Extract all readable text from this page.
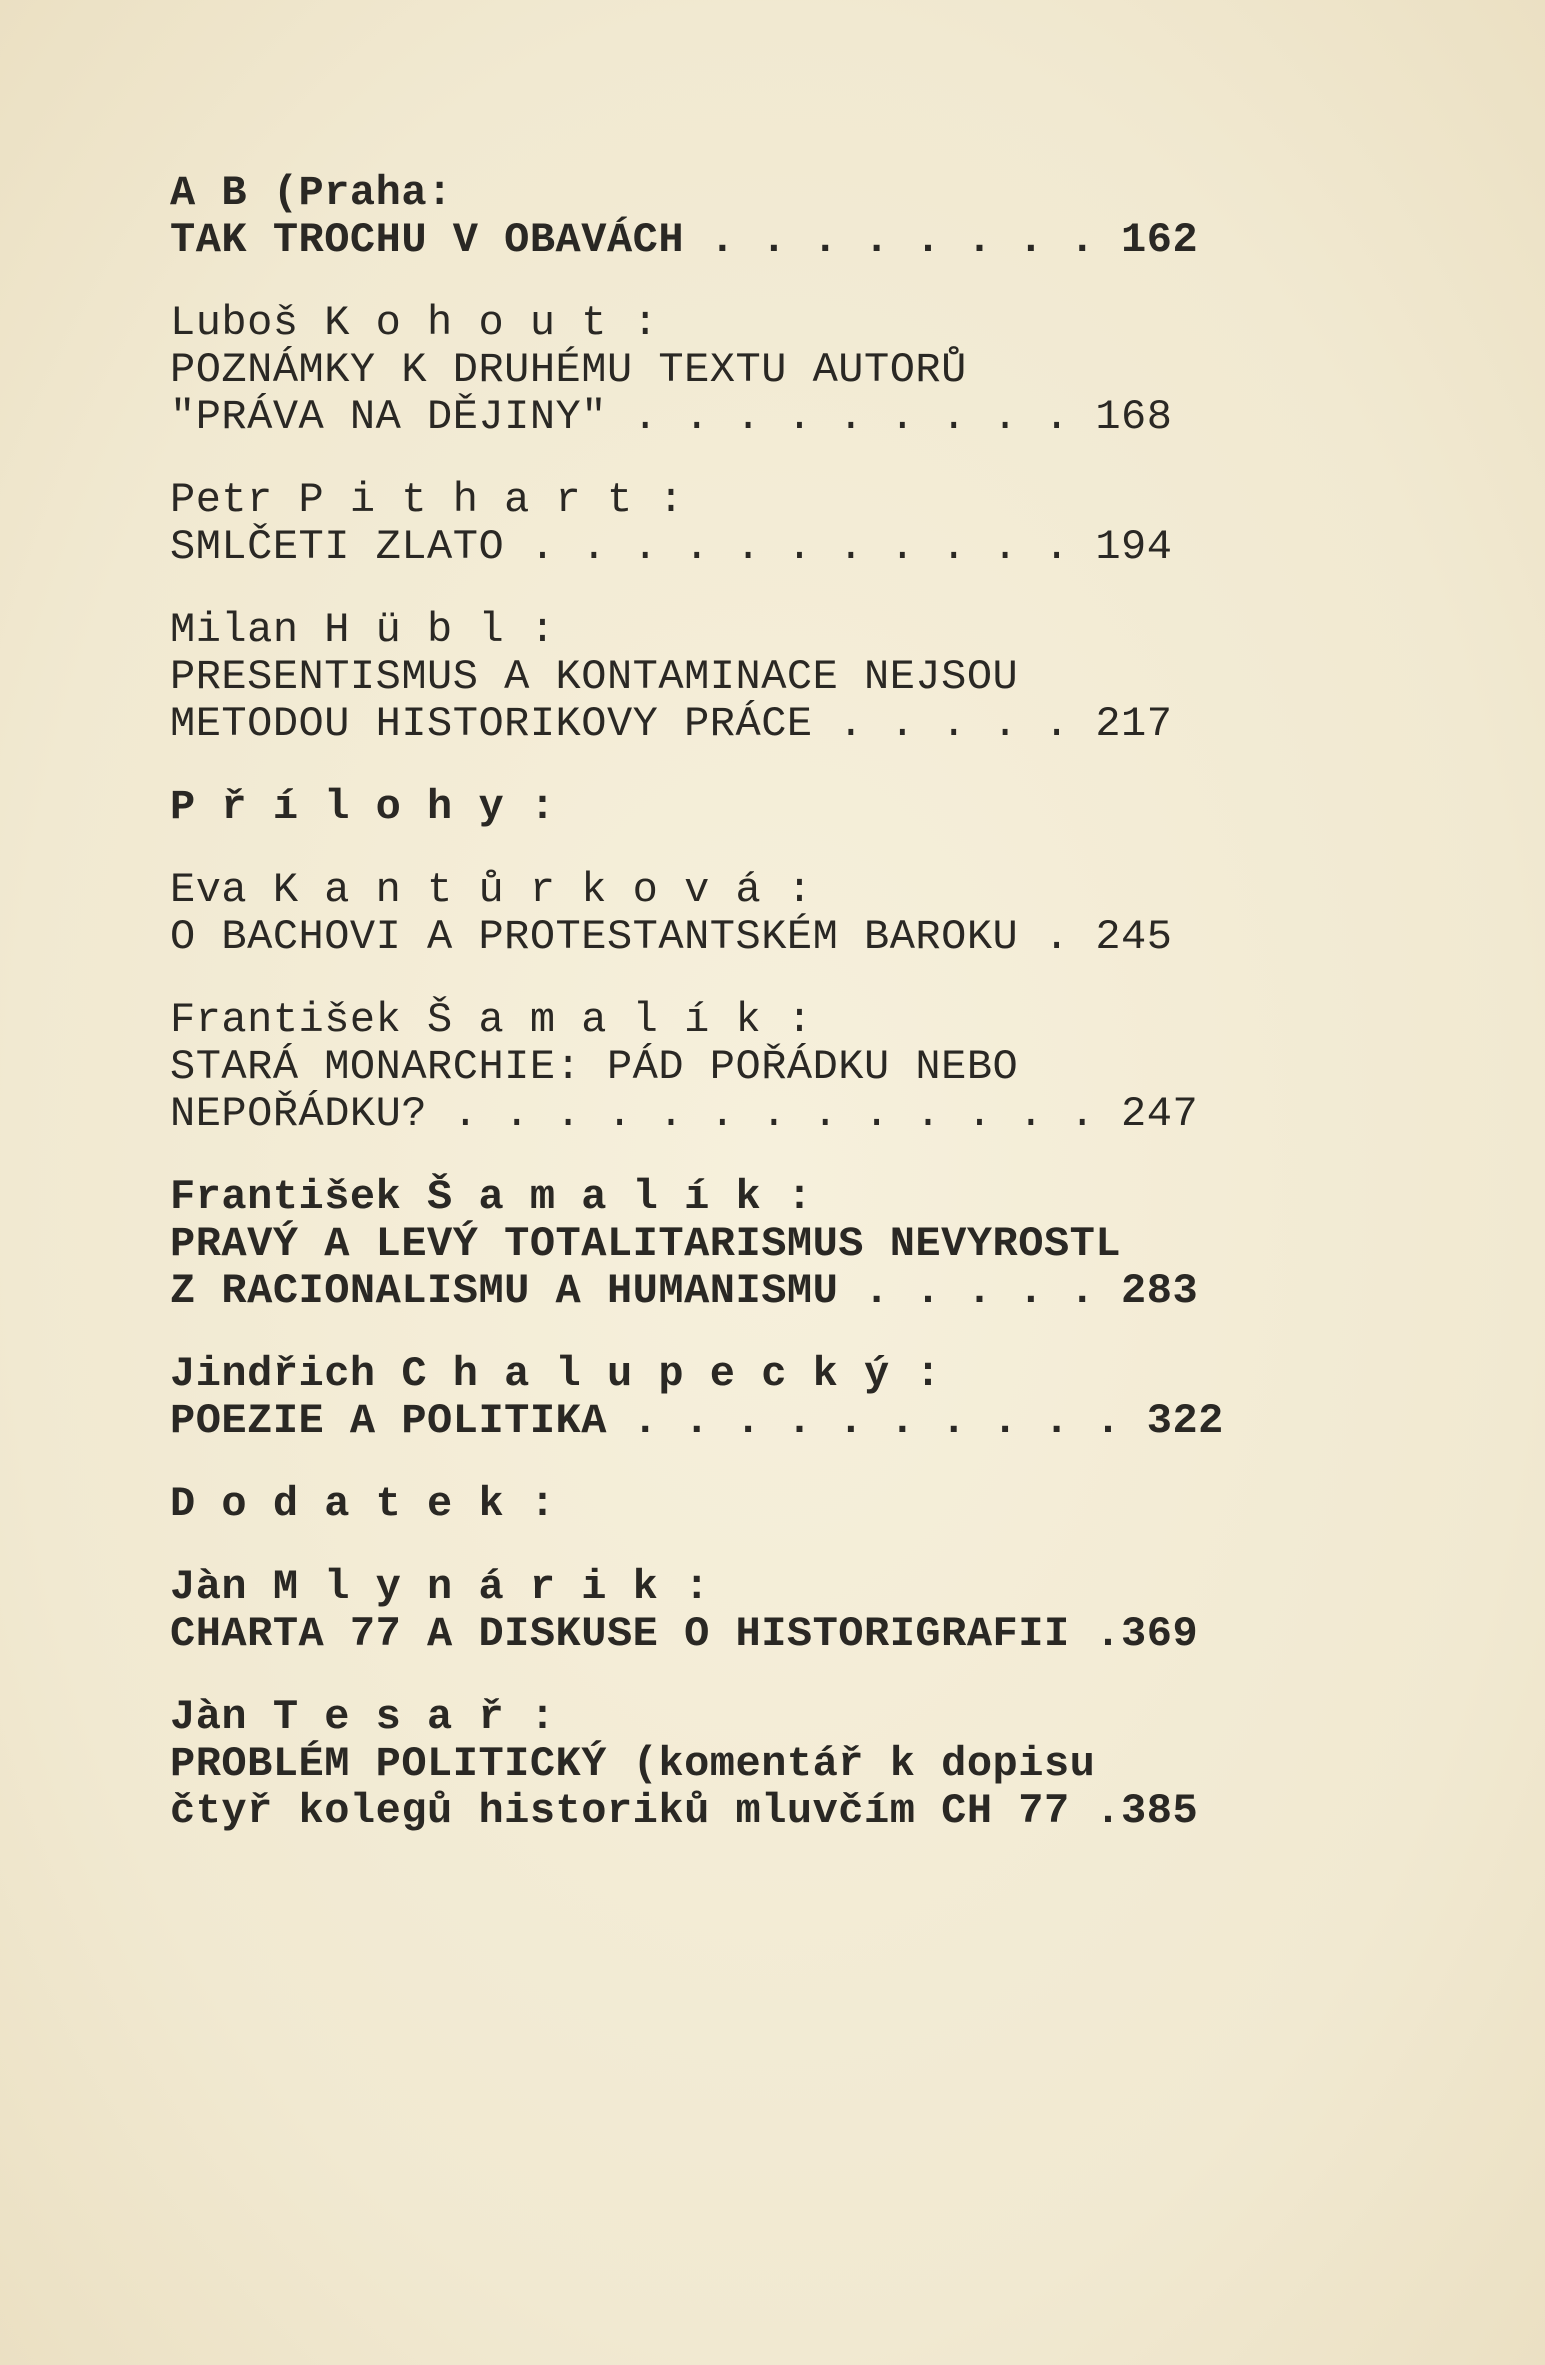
A B (Praha:
TAK TROCHU V OBAVÁCH . . . . . . . . 162
Luboš K o h o u t :
POZNÁMKY K DRUHÉMU TEXTU AUTORŮ
"PRÁVA NA DĚJINY" . . . . . . . . . 168
Petr P i t h a r t :
SMLČETI ZLATO . . . . . . . . . . . 194
Milan H ü b l :
PRESENTISMUS A KONTAMINACE NEJSOU
METODOU HISTORIKOVY PRÁCE . . . . . 217
P ř í l o h y :
Eva K a n t ů r k o v á :
O BACHOVI A PROTESTANTSKÉM BAROKU . 245
František Š a m a l í k :
STARÁ MONARCHIE: PÁD POŘÁDKU NEBO
NEPOŘÁDKU? . . . . . . . . . . . . . 247
František Š a m a l í k :
PRAVÝ A LEVÝ TOTALITARISMUS NEVYROSTL
Z RACIONALISMU A HUMANISMU . . . . . 283
Jindřich C h a l u p e c k ý :
POEZIE A POLITIKA . . . . . . . . . . 322
D o d a t e k :
Jàn M l y n á r i k :
CHARTA 77 A DISKUSE O HISTORIGRAFII .369
Jàn T e s a ř :
PROBLÉM POLITICKÝ (komentář k dopisu
čtyř kolegů historiků mluvčím CH 77 .385
